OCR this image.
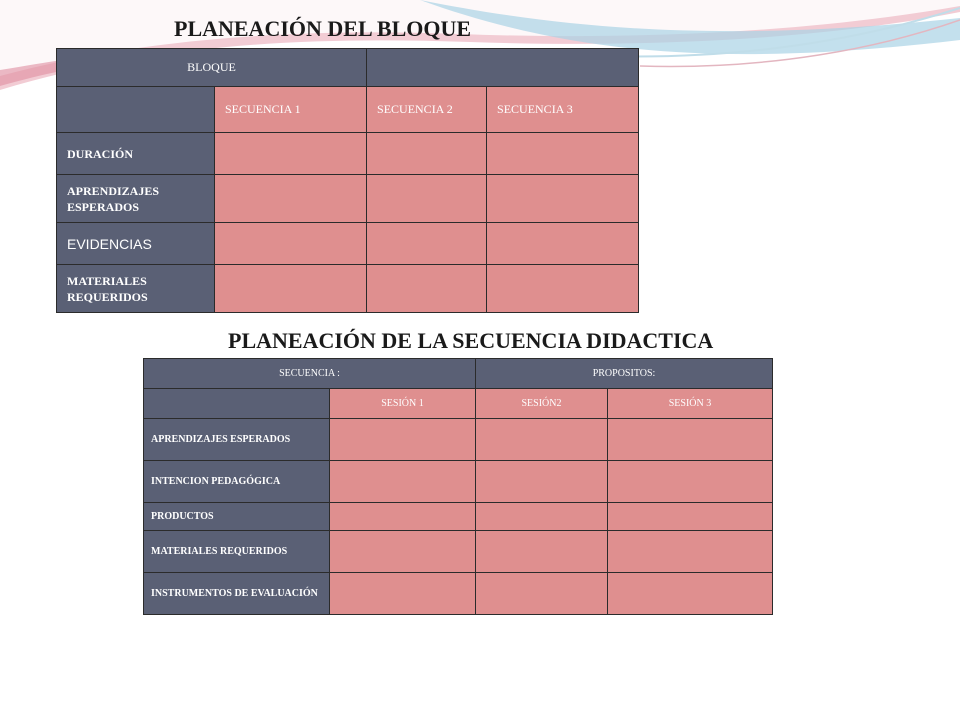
PLANEACIÓN DEL BLOQUE
BLOQUE			
	SECUENCIA 1	SECUENCIA 2	SECUENCIA 3
DURACIÓN			
APRENDIZAJES ESPERADOS			
EVIDENCIAS			
MATERIALES REQUERIDOS			
PLANEACIÓN DE LA SECUENCIA DIDACTICA
SECUENCIA :		PROPOSITOS:	
	SESIÓN 1	SESIÓN2	SESIÓN 3
APRENDIZAJES ESPERADOS			
INTENCION PEDAGÓGICA			
PRODUCTOS			
MATERIALES REQUERIDOS			
INSTRUMENTOS DE EVALUACIÓN			
